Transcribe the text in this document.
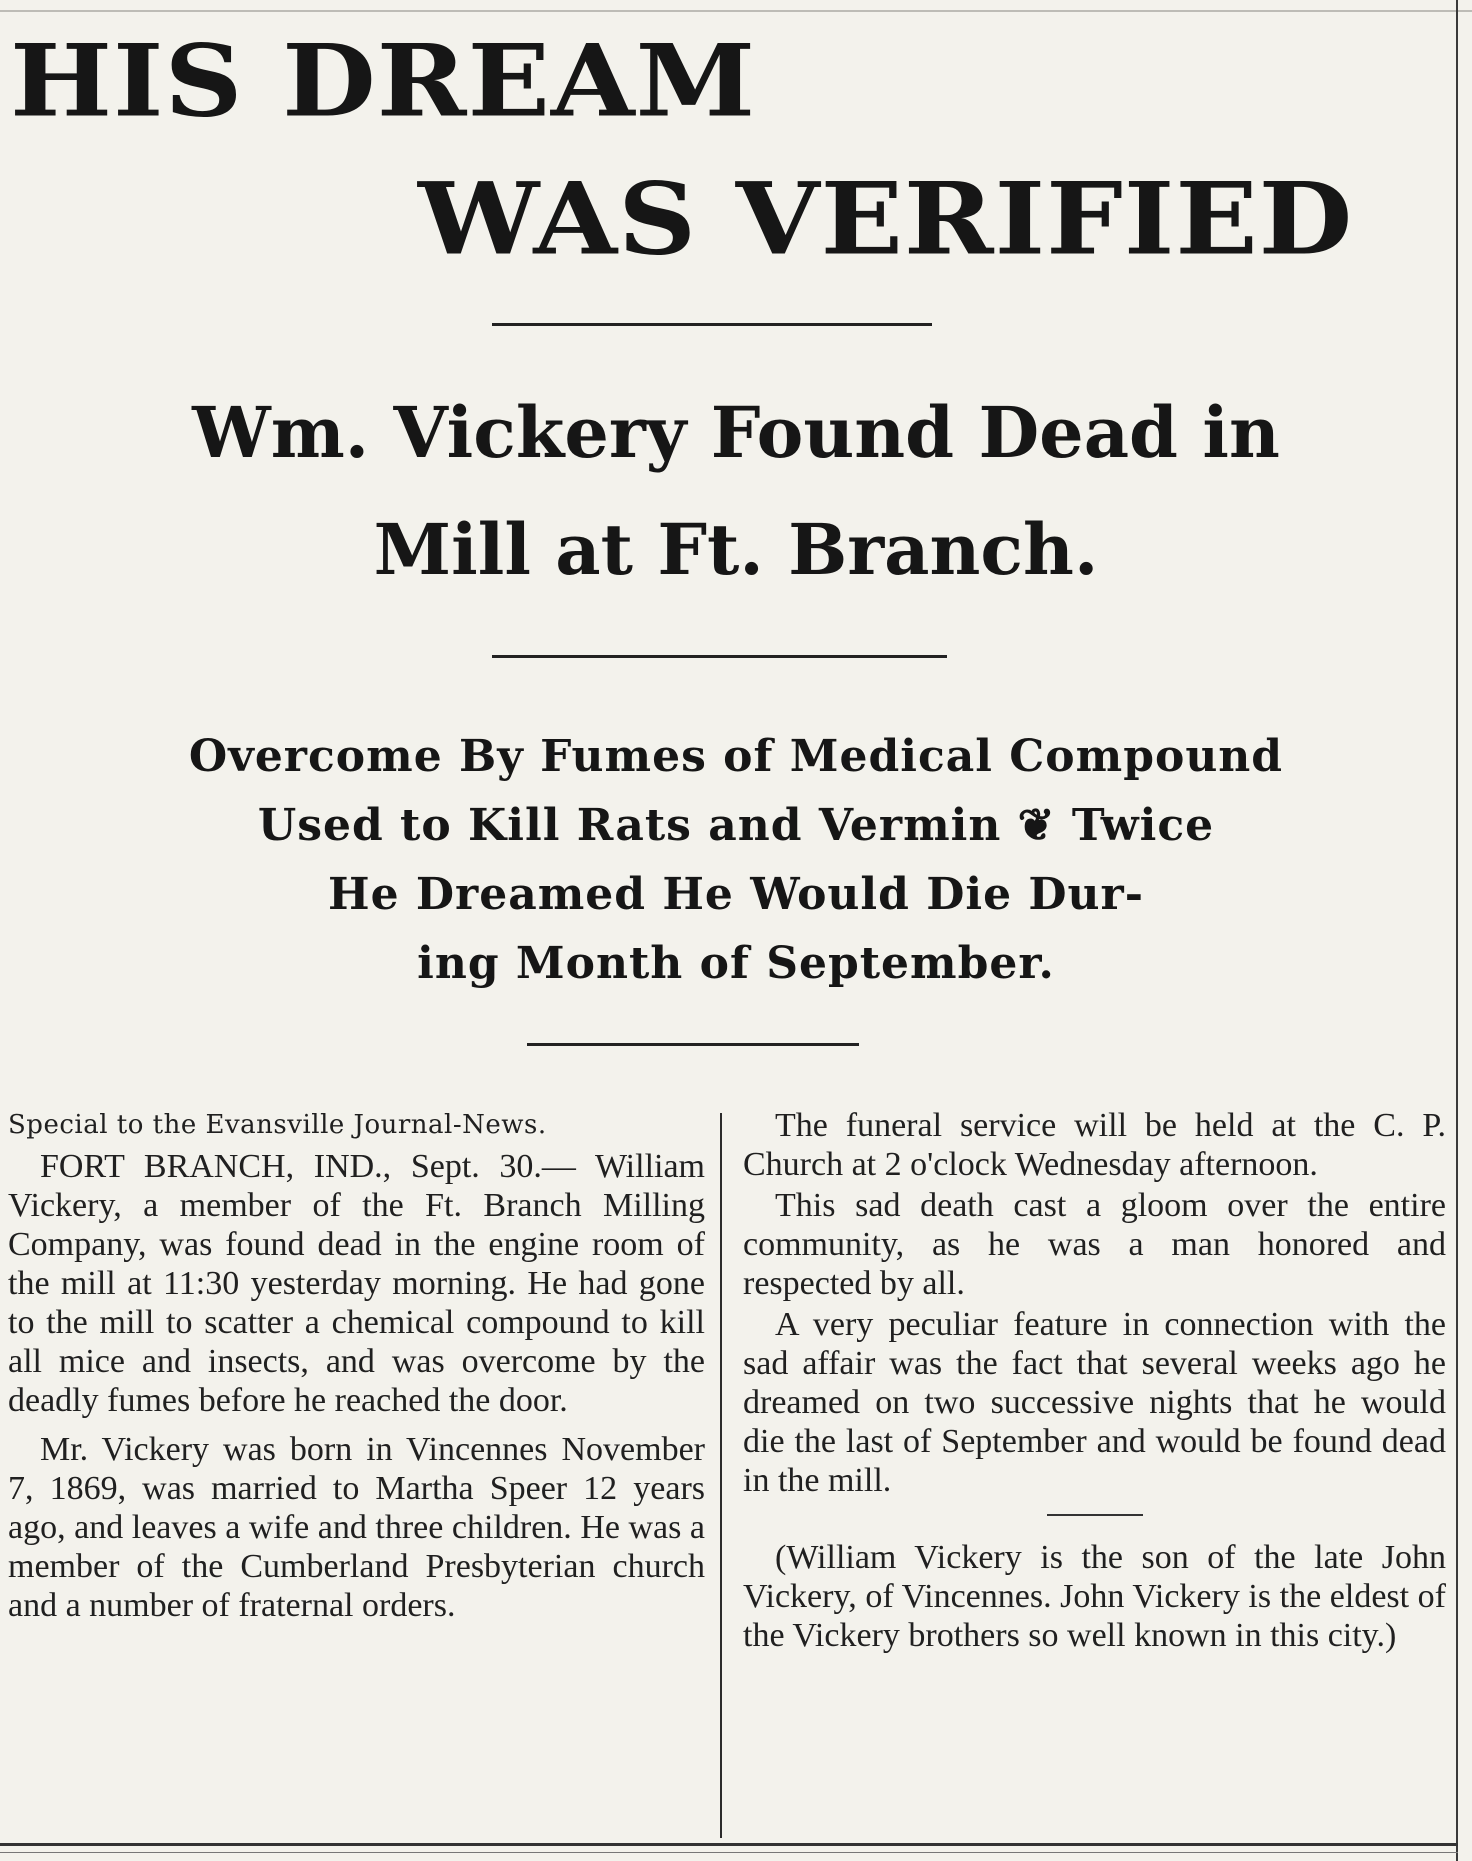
HIS DREAM
WAS VERIFIED
Wm. Vickery Found Dead in
Mill at Ft. Branch.
Overcome By Fumes of Medical Compound
Used to Kill Rats and Vermin ❦ Twice
He Dreamed He Would Die Dur-
ing Month of September.

Special to the Evansville Journal-News.

FORT BRANCH, IND., Sept. 30.— William Vickery, a member of the Ft. Branch Milling Company, was found dead in the engine room of the mill at 11:30 yesterday morning. He had gone to the mill to scatter a chemical compound to kill all mice and insects, and was overcome by the deadly fumes before he reached the door.

Mr. Vickery was born in Vincennes November 7, 1869, was married to Martha Speer 12 years ago, and leaves a wife and three children. He was a member of the Cumberland Presbyterian church and a number of fraternal orders.

The funeral service will be held at the C. P. Church at 2 o'clock Wednesday afternoon.

This sad death cast a gloom over the entire community, as he was a man honored and respected by all.

A very peculiar feature in connection with the sad affair was the fact that several weeks ago he dreamed on two successive nights that he would die the last of September and would be found dead in the mill.

(William Vickery is the son of the late John Vickery, of Vincennes. John Vickery is the eldest of the Vickery brothers so well known in this city.)
